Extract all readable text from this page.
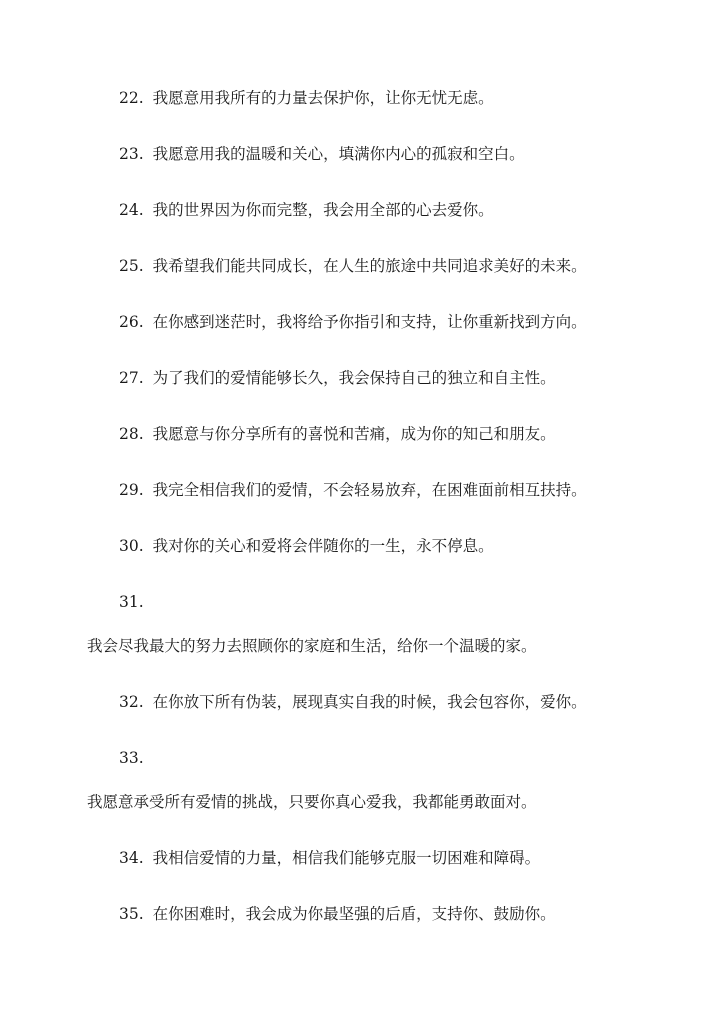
22. 我愿意用我所有的力量去保护你，让你无忧无虑。
23. 我愿意用我的温暖和关心，填满你内心的孤寂和空白。
24. 我的世界因为你而完整，我会用全部的心去爱你。
25. 我希望我们能共同成长，在人生的旅途中共同追求美好的未来。
26. 在你感到迷茫时，我将给予你指引和支持，让你重新找到方向。
27. 为了我们的爱情能够长久，我会保持自己的独立和自主性。
28. 我愿意与你分享所有的喜悦和苦痛，成为你的知己和朋友。
29. 我完全相信我们的爱情，不会轻易放弃，在困难面前相互扶持。
30. 我对你的关心和爱将会伴随你的一生，永不停息。
31.
我会尽我最大的努力去照顾你的家庭和生活，给你一个温暖的家。
32. 在你放下所有伪装，展现真实自我的时候，我会包容你，爱你。
33.
我愿意承受所有爱情的挑战，只要你真心爱我，我都能勇敢面对。
34. 我相信爱情的力量，相信我们能够克服一切困难和障碍。
35. 在你困难时，我会成为你最坚强的后盾，支持你、鼓励你。
